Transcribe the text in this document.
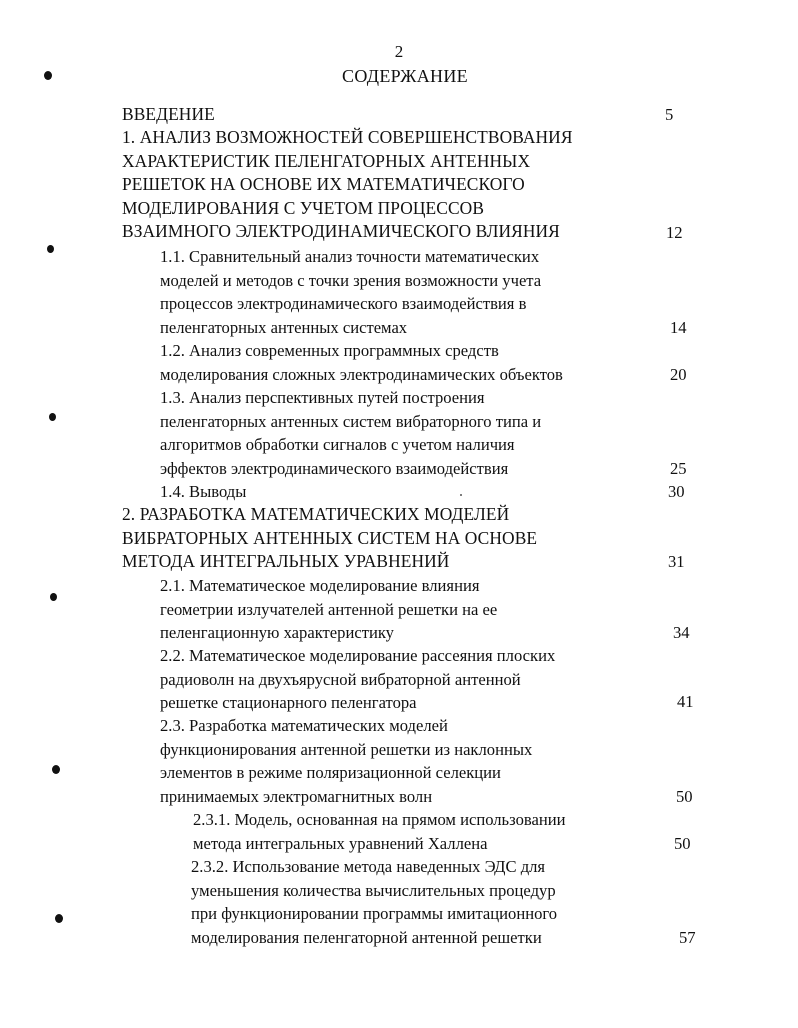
2
СОДЕРЖАНИЕ
ВВЕДЕНИЕ	5
1. АНАЛИЗ ВОЗМОЖНОСТЕЙ СОВЕРШЕНСТВОВАНИЯ
ХАРАКТЕРИСТИК ПЕЛЕНГАТОРНЫХ АНТЕННЫХ
РЕШЕТОК НА ОСНОВЕ ИХ МАТЕМАТИЧЕСКОГО
МОДЕЛИРОВАНИЯ С УЧЕТОМ ПРОЦЕССОВ
ВЗАИМНОГО ЭЛЕКТРОДИНАМИЧЕСКОГО ВЛИЯНИЯ	12
1.1. Сравнительный анализ точности математических
моделей и методов с точки зрения возможности учета
процессов электродинамического взаимодействия в
пеленгаторных антенных системах	14
1.2. Анализ современных программных средств
моделирования сложных электродинамических объектов	20
1.3. Анализ перспективных путей построения
пеленгаторных антенных систем вибраторного типа и
алгоритмов обработки сигналов с учетом наличия
эффектов электродинамического взаимодействия	25
1.4. Выводы	30
2. РАЗРАБОТКА МАТЕМАТИЧЕСКИХ МОДЕЛЕЙ
ВИБРАТОРНЫХ АНТЕННЫХ СИСТЕМ НА ОСНОВЕ
МЕТОДА ИНТЕГРАЛЬНЫХ УРАВНЕНИЙ	31
2.1. Математическое моделирование влияния
геометрии излучателей антенной решетки на ее
пеленгационную характеристику	34
2.2. Математическое моделирование рассеяния плоских
радиоволн на двухъярусной вибраторной антенной
решетке стационарного пеленгатора	41
2.3. Разработка математических моделей
функционирования антенной решетки из наклонных
элементов в режиме поляризационной селекции
принимаемых электромагнитных волн	50
2.3.1. Модель, основанная на прямом использовании
метода интегральных уравнений Халлена	50
2.3.2. Использование метода наведенных ЭДС для
уменьшения количества вычислительных процедур
при функционировании программы имитационного
моделирования пеленгаторной антенной решетки	57
